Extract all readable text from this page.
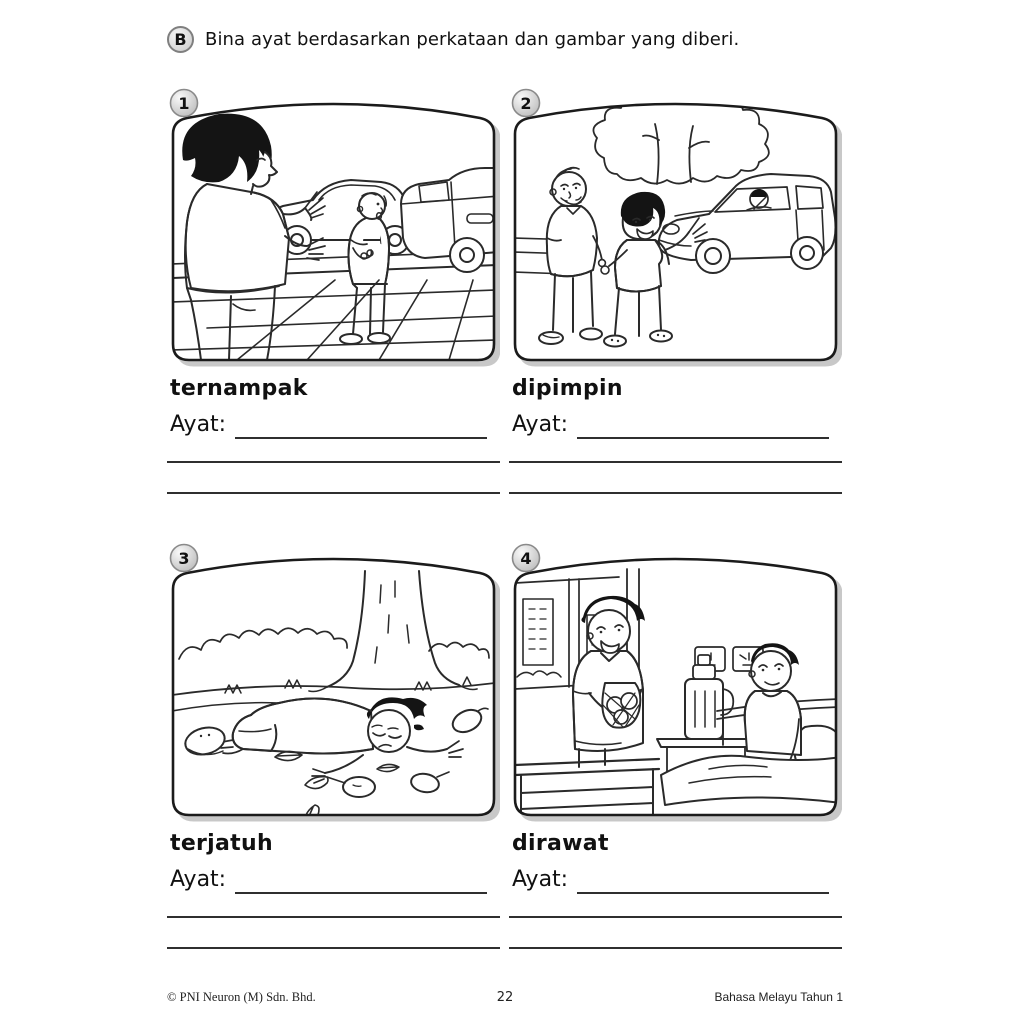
B	Bina ayat berdasarkan perkataan dan gambar yang diberi.
1
ternampak
Ayat:
2
dipimpin
Ayat:
3
terjatuh
Ayat:
4
dirawat
Ayat:
© PNI Neuron (M) Sdn. Bhd.	22	Bahasa Melayu Tahun 1
